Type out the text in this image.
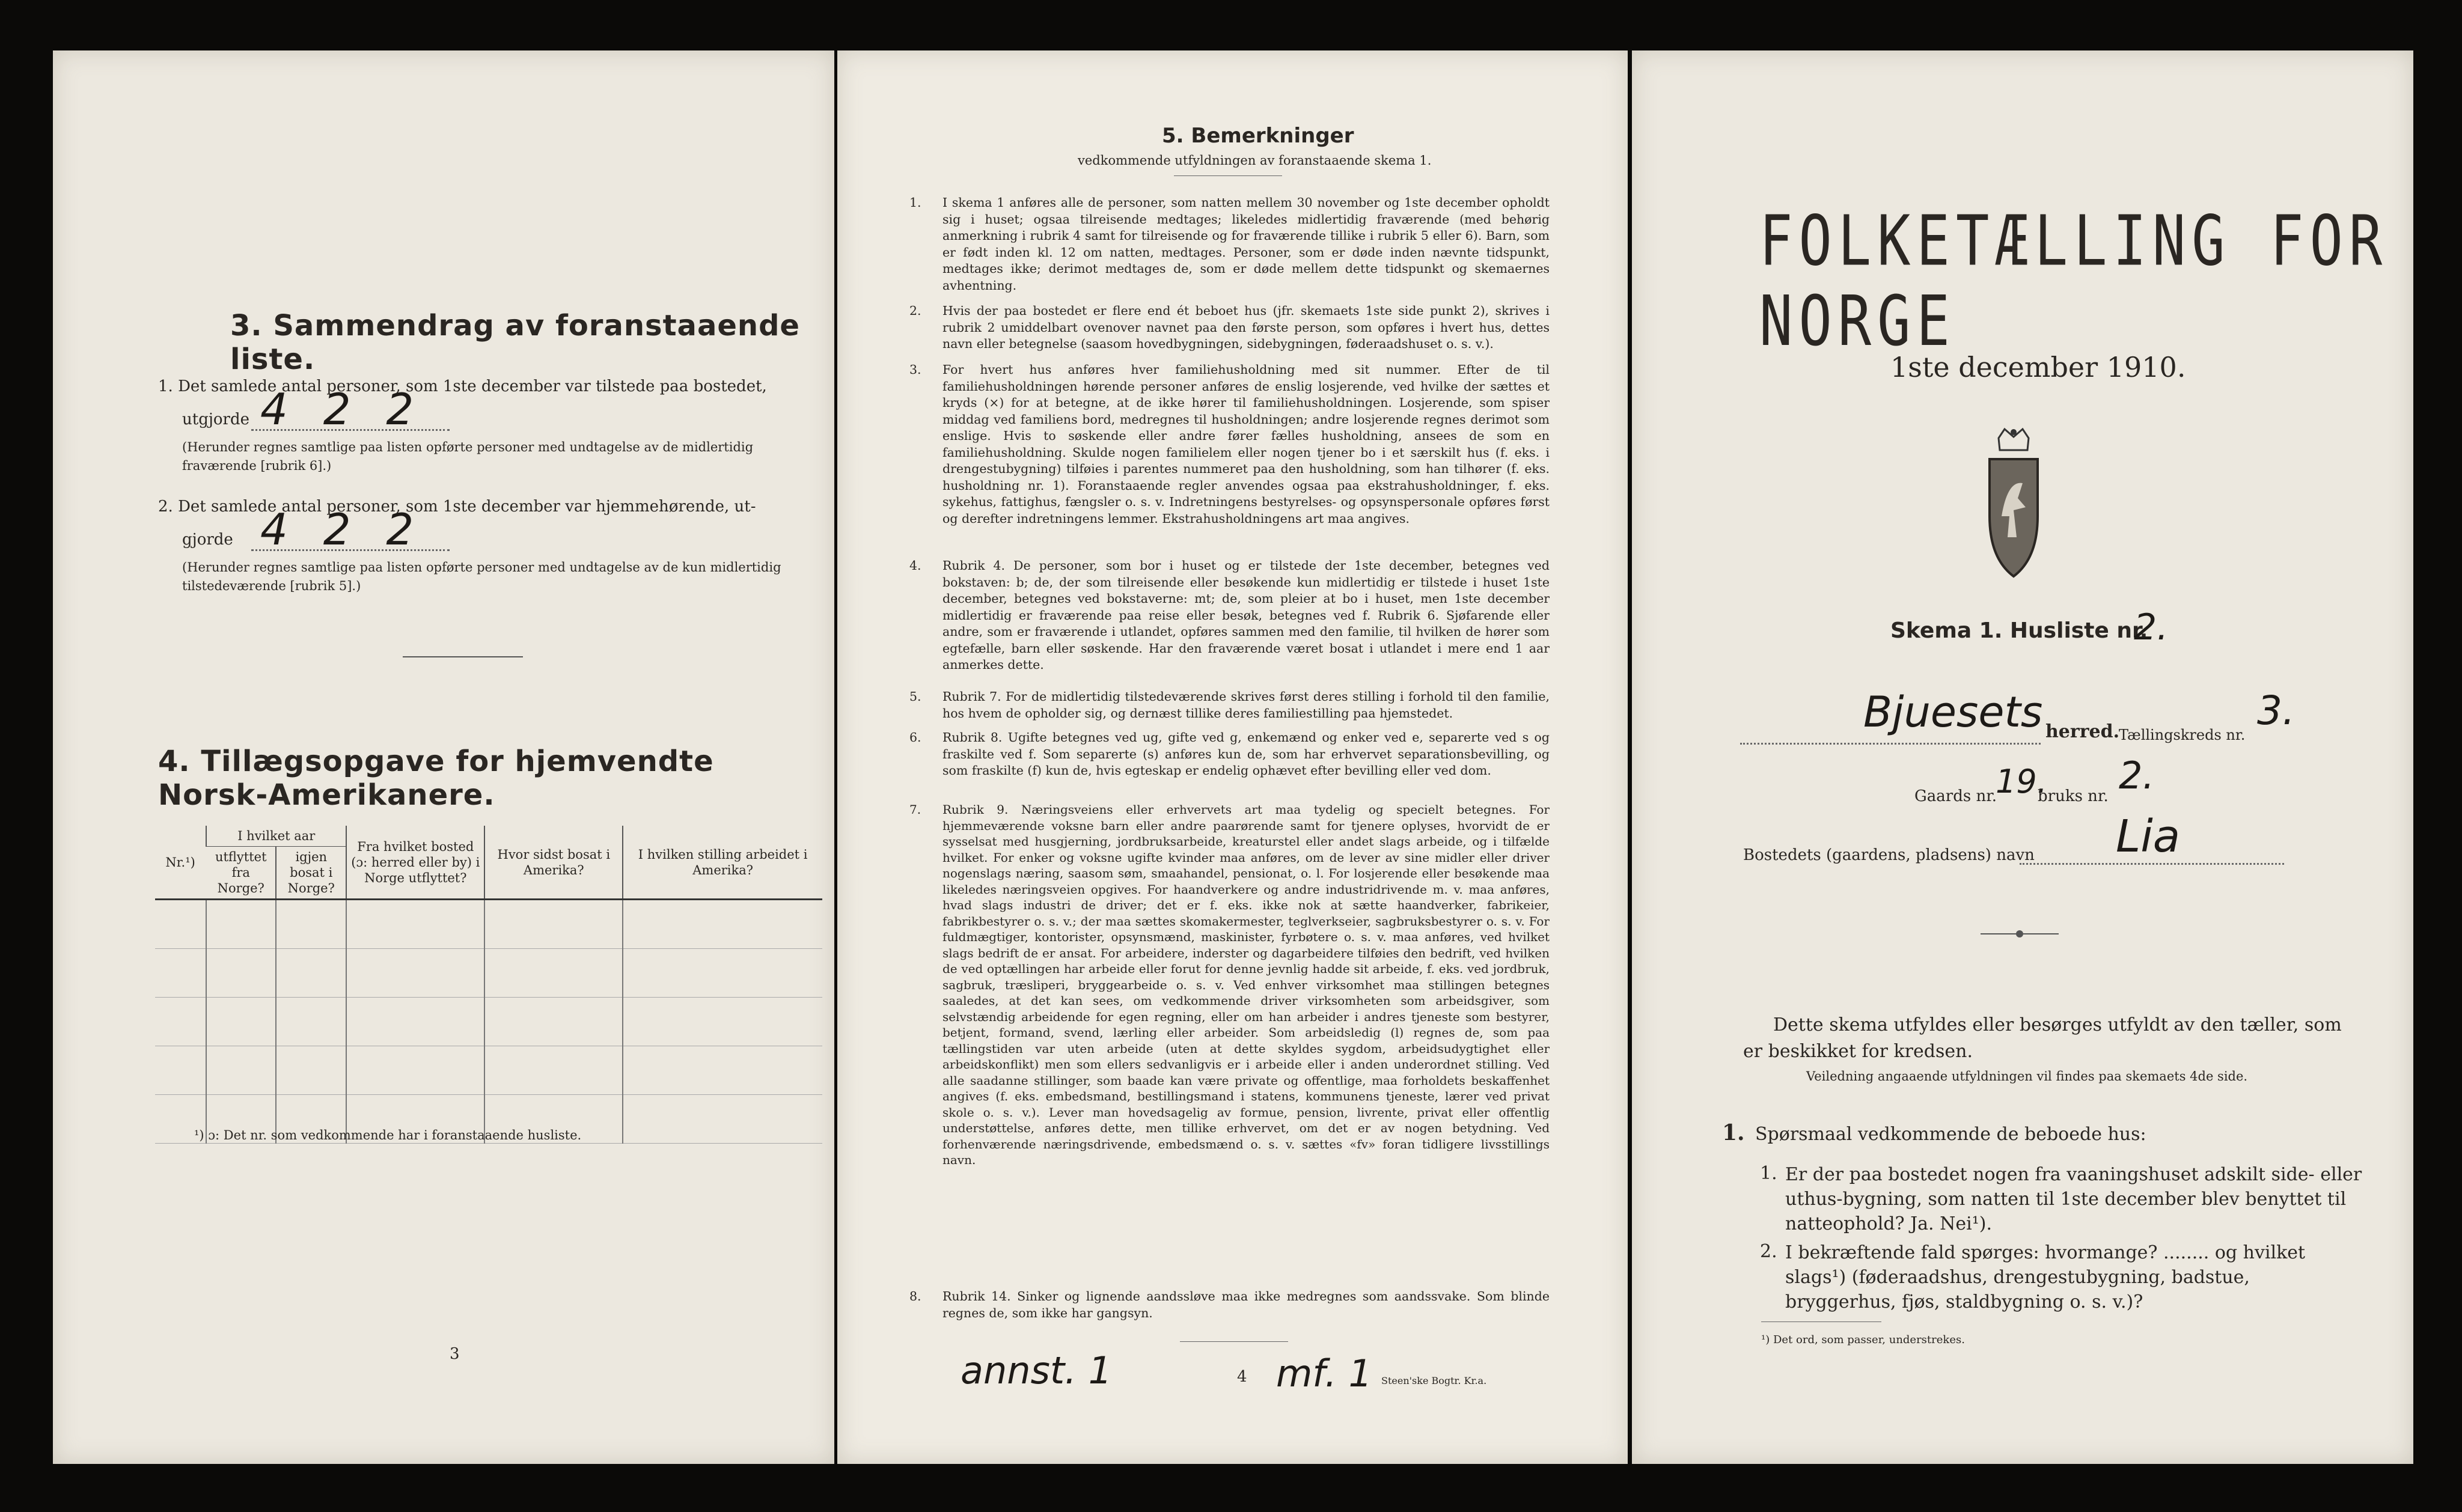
3. Sammendrag av foranstaaende liste.
1. Det samlede antal personer, som 1ste december var tilstede paa bostedet,
utgjorde 4 2 2
(Herunder regnes samtlige paa listen opførte personer med undtagelse av de midlertidig fraværende [rubrik 6].)
2. Det samlede antal personer, som 1ste december var hjemmehørende, ut-
gjorde 4 2 2
(Herunder regnes samtlige paa listen opførte personer med undtagelse av de kun midlertidig tilstedeværende [rubrik 5].)
4. Tillægsopgave for hjemvendte Norsk-Amerikanere.
Nr.¹)	I hvilket aar		Fra hvilket bosted (ɔ: herred eller by) i Norge utflyttet?	Hvor sidst bosat i Amerika?	I hvilken stilling arbeidet i Amerika?
	utflyttet fra Norge?	igjen bosat i Norge?			

¹) ɔ: Det nr. som vedkommende har i foranstaaende husliste.
3
5. Bemerkninger
vedkommende utfyldningen av foranstaaende skema 1.
1. I skema 1 anføres alle de personer, som natten mellem 30 november og 1ste december opholdt sig i huset; ogsaa tilreisende medtages; likeledes midlertidig fraværende (med behørig anmerkning i rubrik 4 samt for tilreisende og for fraværende tillike i rubrik 5 eller 6). Barn, som er født inden kl. 12 om natten, medtages. Personer, som er døde inden nævnte tidspunkt, medtages ikke; derimot medtages de, som er døde mellem dette tidspunkt og skemaernes avhentning.
2. Hvis der paa bostedet er flere end ét beboet hus (jfr. skemaets 1ste side punkt 2), skrives i rubrik 2 umiddelbart ovenover navnet paa den første person, som opføres i hvert hus, dettes navn eller betegnelse (saasom hovedbygningen, sidebygningen, føderaadshuset o. s. v.).
3. For hvert hus anføres hver familiehusholdning med sit nummer. Efter de til familiehusholdningen hørende personer anføres de enslig losjerende, ved hvilke der sættes et kryds (×) for at betegne, at de ikke hører til familiehusholdningen. Losjerende, som spiser middag ved familiens bord, medregnes til husholdningen; andre losjerende regnes derimot som enslige. Hvis to søskende eller andre fører fælles husholdning, ansees de som en familiehusholdning. Skulde nogen familielem eller nogen tjener bo i et særskilt hus (f. eks. i drengestubygning) tilføies i parentes nummeret paa den husholdning, som han tilhører (f. eks. husholdning nr. 1). Foranstaaende regler anvendes ogsaa paa ekstrahusholdninger, f. eks. sykehus, fattighus, fængsler o. s. v. Indretningens bestyrelses- og opsynspersonale opføres først og derefter indretningens lemmer. Ekstrahusholdningens art maa angives.
4. Rubrik 4. De personer, som bor i huset og er tilstede der 1ste december, betegnes ved bokstaven: b; de, der som tilreisende eller besøkende kun midlertidig er tilstede i huset 1ste december, betegnes ved bokstaverne: mt; de, som pleier at bo i huset, men 1ste december midlertidig er fraværende paa reise eller besøk, betegnes ved f. Rubrik 6. Sjøfarende eller andre, som er fraværende i utlandet, opføres sammen med den familie, til hvilken de hører som egtefælle, barn eller søskende. Har den fraværende været bosat i utlandet i mere end 1 aar anmerkes dette.
5. Rubrik 7. For de midlertidig tilstedeværende skrives først deres stilling i forhold til den familie, hos hvem de opholder sig, og dernæst tillike deres familiestilling paa hjemstedet.
6. Rubrik 8. Ugifte betegnes ved ug, gifte ved g, enkemænd og enker ved e, separerte ved s og fraskilte ved f. Som separerte (s) anføres kun de, som har erhvervet separationsbevilling, og som fraskilte (f) kun de, hvis egteskap er endelig ophævet efter bevilling eller ved dom.
7. Rubrik 9. Næringsveiens eller erhvervets art maa tydelig og specielt betegnes. For hjemmeværende voksne barn eller andre paarørende samt for tjenere oplyses, hvorvidt de er sysselsat med husgjerning, jordbruksarbeide, kreaturstel eller andet slags arbeide, og i tilfælde hvilket. For enker og voksne ugifte kvinder maa anføres, om de lever av sine midler eller driver nogenslags næring, saasom søm, smaahandel, pensionat, o. l. For losjerende eller besøkende maa likeledes næringsveien opgives. For haandverkere og andre industridrivende m. v. maa anføres, hvad slags industri de driver; det er f. eks. ikke nok at sætte haandverker, fabrikeier, fabrikbestyrer o. s. v.; der maa sættes skomakermester, teglverkseier, sagbruksbestyrer o. s. v. For fuldmægtiger, kontorister, opsynsmænd, maskinister, fyrbøtere o. s. v. maa anføres, ved hvilket slags bedrift de er ansat. For arbeidere, inderster og dagarbeidere tilføies den bedrift, ved hvilken de ved optællingen har arbeide eller forut for denne jevnlig hadde sit arbeide, f. eks. ved jordbruk, sagbruk, træsliperi, bryggearbeide o. s. v. Ved enhver virksomhet maa stillingen betegnes saaledes, at det kan sees, om vedkommende driver virksomheten som arbeidsgiver, som selvstændig arbeidende for egen regning, eller om han arbeider i andres tjeneste som bestyrer, betjent, formand, svend, lærling eller arbeider. Som arbeidsledig (l) regnes de, som paa tællingstiden var uten arbeide (uten at dette skyldes sygdom, arbeidsudygtighet eller arbeidskonflikt) men som ellers sedvanligvis er i arbeide eller i anden underordnet stilling. Ved alle saadanne stillinger, som baade kan være private og offentlige, maa forholdets beskaffenhet angives (f. eks. embedsmand, bestillingsmand i statens, kommunens tjeneste, lærer ved privat skole o. s. v.). Lever man hovedsagelig av formue, pension, livrente, privat eller offentlig understøttelse, anføres dette, men tillike erhvervet, om det er av nogen betydning. Ved forhenværende næringsdrivende, embedsmænd o. s. v. sættes «fv» foran tidligere livsstillings navn.
8. Rubrik 14. Sinker og lignende aandssløve maa ikke medregnes som aandssvake. Som blinde regnes de, som ikke har gangsyn.
annst. 1	4 mf. 1 Steen'ske Bogtr. Kr.a.
FOLKETÆLLING FOR NORGE
1ste december 1910.
Skema 1. Husliste nr.
2.
Bjuesets herred.
Tællingskreds nr.
3.
Gaards nr.
19.
bruks nr. 2.
Bostedets (gaardens, pladsens) navn Lia
Dette skema utfyldes eller besørges utfyldt av den tæller, som er beskikket for kredsen.
Veiledning angaaende utfyldningen vil findes paa skemaets 4de side.
1. Spørsmaal vedkommende de beboede hus:
1. Er der paa bostedet nogen fra vaaningshuset adskilt side- eller uthus-bygning, som natten til 1ste december blev benyttet til natteophold? Ja. Nei¹).
2. I bekræftende fald spørges: hvormange? ........ og hvilket slags¹) (føderaadshus, drengestubygning, badstue, bryggerhus, fjøs, staldbygning o. s. v.)?
¹) Det ord, som passer, understrekes.
